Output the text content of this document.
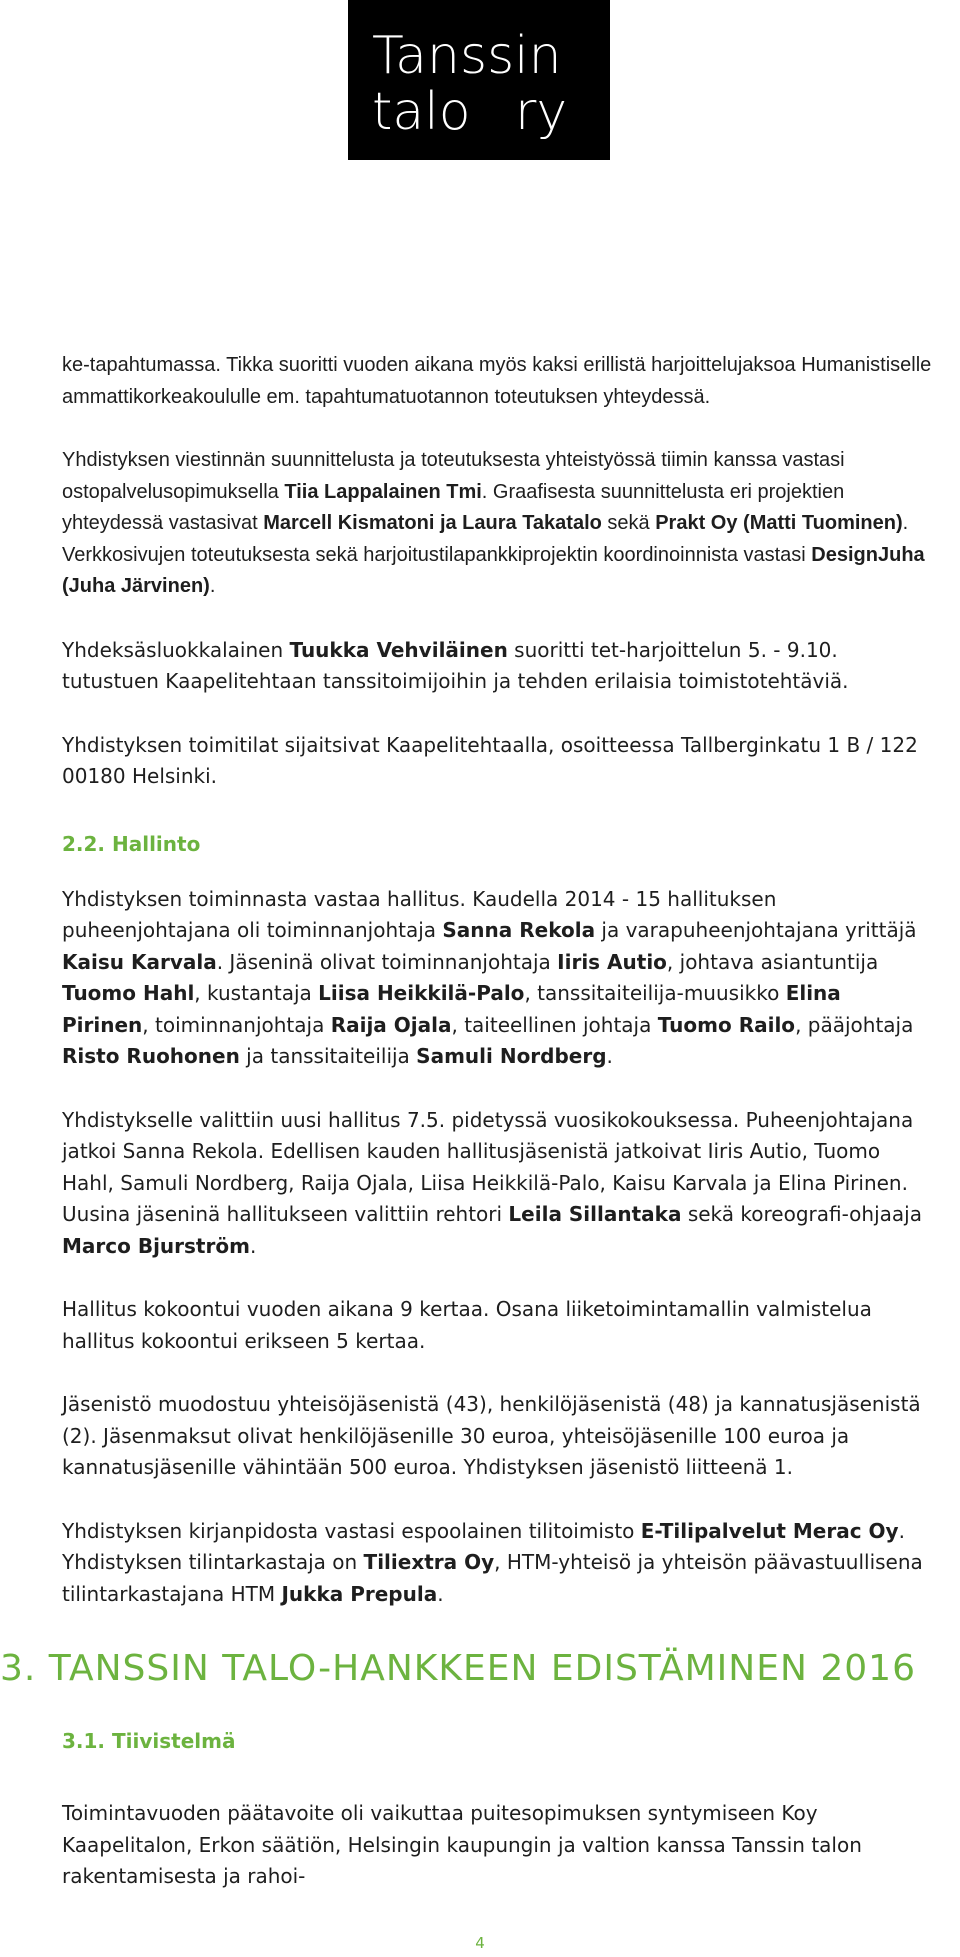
Tanssin
talo ry

ke-tapahtumassa. Tikka suoritti vuoden aikana myös kaksi erillistä harjoittelujaksoa Humanistiselle ammattikorkeakoululle em. tapahtumatuotannon toteutuksen yhteydessä.

Yhdistyksen viestinnän suunnittelusta ja toteutuksesta yhteistyössä tiimin kanssa vastasi ostopalvelusopimuksella Tiia Lappalainen Tmi. Graafisesta suunnittelusta eri projektien yhteydessä vastasivat Marcell Kismatoni ja Laura Takatalo sekä Prakt Oy (Matti Tuominen). Verkkosivujen toteutuksesta sekä harjoitustilapankkiprojektin koordinoinnista vastasi DesignJuha (Juha Järvinen).

Yhdeksäsluokkalainen Tuukka Vehviläinen suoritti tet-harjoittelun 5. - 9.10. tutustuen Kaapelitehtaan tanssitoimijoihin ja tehden erilaisia toimistotehtäviä.

Yhdistyksen toimitilat sijaitsivat Kaapelitehtaalla, osoitteessa Tallberginkatu 1 B / 122 00180 Helsinki.

2.2. Hallinto

Yhdistyksen toiminnasta vastaa hallitus. Kaudella 2014 - 15 hallituksen puheenjohtajana oli toiminnanjohtaja Sanna Rekola ja varapuheenjohtajana yrittäjä Kaisu Karvala. Jäseninä olivat toiminnanjohtaja Iiris Autio, johtava asiantuntija Tuomo Hahl, kustantaja Liisa Heikkilä-Palo, tanssitaiteilija-muusikko Elina Pirinen, toiminnanjohtaja Raija Ojala, taiteellinen johtaja Tuomo Railo, pääjohtaja Risto Ruohonen ja tanssitaiteilija Samuli Nordberg.

Yhdistykselle valittiin uusi hallitus 7.5. pidetyssä vuosikokouksessa. Puheenjohtajana jatkoi Sanna Rekola. Edellisen kauden hallitusjäsenistä jatkoivat Iiris Autio, Tuomo Hahl, Samuli Nordberg, Raija Ojala, Liisa Heikkilä-Palo, Kaisu Karvala ja Elina Pirinen. Uusina jäseninä hallitukseen valittiin rehtori Leila Sillantaka sekä koreografi-ohjaaja Marco Bjurström.

Hallitus kokoontui vuoden aikana 9 kertaa. Osana liiketoimintamallin valmistelua hallitus kokoontui erikseen 5 kertaa.

Jäsenistö muodostuu yhteisöjäsenistä (43), henkilöjäsenistä (48) ja kannatusjäsenistä (2). Jäsenmaksut olivat henkilöjäsenille 30 euroa, yhteisöjäsenille 100 euroa ja kannatusjäsenille vähintään 500 euroa. Yhdistyksen jäsenistö liitteenä 1.

Yhdistyksen kirjanpidosta vastasi espoolainen tilitoimisto E-Tilipalvelut Merac Oy. Yhdistyksen tilintarkastaja on Tiliextra Oy, HTM-yhteisö ja yhteisön päävastuullisena tilintarkastajana HTM Jukka Prepula.

3. TANSSIN TALO-HANKKEEN EDISTÄMINEN 2016
3.1. Tiivistelmä

Toimintavuoden päätavoite oli vaikuttaa puitesopimuksen syntymiseen Koy Kaapelitalon, Erkon säätiön, Helsingin kaupungin ja valtion kanssa Tanssin talon rakentamisesta ja rahoi-

4
